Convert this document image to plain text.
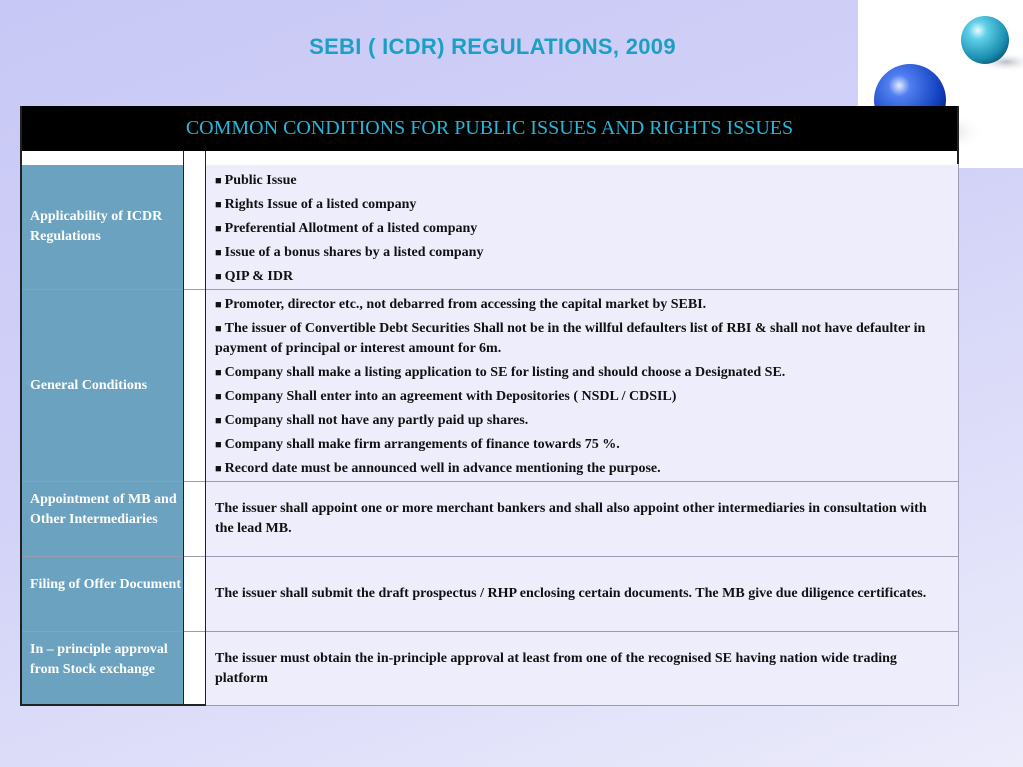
SEBI ( ICDR) REGULATIONS, 2009
COMMON CONDITIONS FOR PUBLIC ISSUES AND RIGHTS ISSUES
Applicability of ICDR Regulations
■ Public Issue
■ Rights Issue of a listed company
■ Preferential Allotment of a listed company
■ Issue of a bonus shares by a listed company
■ QIP & IDR
General Conditions
■ Promoter, director etc., not debarred from accessing the capital market by SEBI.
■ The issuer of Convertible Debt Securities Shall not be in the willful defaulters list of RBI & shall not have defaulter in payment of principal or interest amount for 6m.
■ Company shall make a listing application to SE for listing and should choose a Designated SE.
■ Company Shall enter into an agreement with Depositories ( NSDL / CDSIL)
■ Company shall not have any partly paid up shares.
■ Company shall make firm arrangements of finance towards 75 %.
■ Record date must be announced well in advance mentioning the purpose.
Appointment of MB and Other Intermediaries
The issuer shall appoint one or more merchant bankers and shall also appoint other intermediaries in consultation with the lead MB.
Filing of Offer Document
The issuer shall submit the draft prospectus / RHP enclosing certain documents. The MB give due diligence certificates.
In – principle approval from Stock exchange
The issuer must obtain the in-principle approval at least from one of the recognised SE having nation wide trading platform
